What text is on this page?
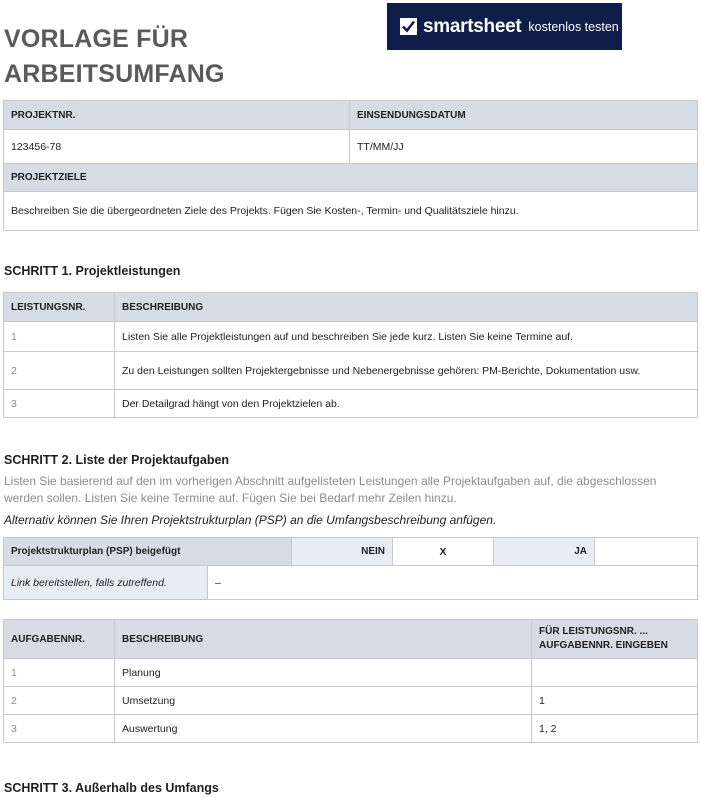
VORLAGE FÜR
ARBEITSUMFANG
smartsheet kostenlos testen
PROJEKTNR.	EINSENDUNGSDATUM
123456-78	TT/MM/JJ
PROJEKTZIELE	
Beschreiben Sie die übergeordneten Ziele des Projekts. Fügen Sie Kosten-, Termin- und Qualitätsziele hinzu.	
SCHRITT 1. Projektleistungen
LEISTUNGSNR.	BESCHREIBUNG
1	Listen Sie alle Projektleistungen auf und beschreiben Sie jede kurz. Listen Sie keine Termine auf.
2	Zu den Leistungen sollten Projektergebnisse und Nebenergebnisse gehören: PM-Berichte, Dokumentation usw.
3	Der Detailgrad hängt von den Projektzielen ab.
SCHRITT 2. Liste der Projektaufgaben
Listen Sie basierend auf den im vorherigen Abschnitt aufgelisteten Leistungen alle Projektaufgaben auf, die abgeschlossen werden sollen. Listen Sie keine Termine auf. Fügen Sie bei Bedarf mehr Zeilen hinzu.
Alternativ können Sie Ihren Projektstrukturplan (PSP) an die Umfangsbeschreibung anfügen.
Projektstrukturplan (PSP) beigefügt		NEIN	X	JA	
Link bereitstellen, falls zutreffend.	–				
AUFGABENNR.	BESCHREIBUNG	FÜR LEISTUNGSNR. ...
AUFGABENNR. EINGEBEN

1	Planung	
2	Umsetzung	1
3	Auswertung	1, 2
SCHRITT 3. Außerhalb des Umfangs
